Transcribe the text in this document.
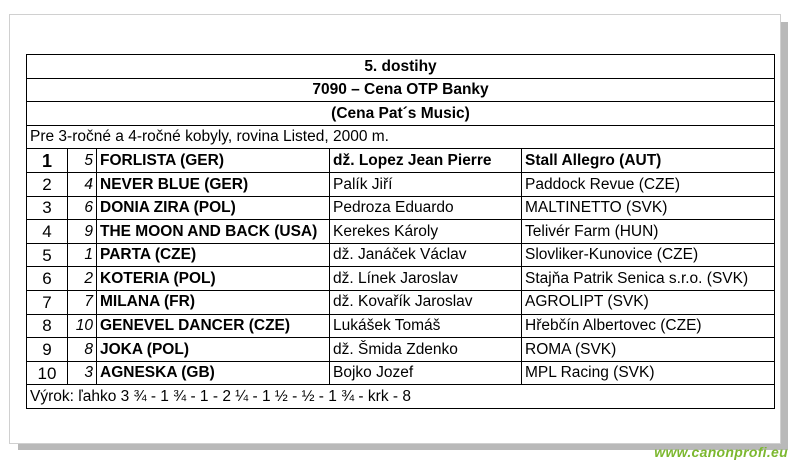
5. dostihy				
7090 – Cena OTP Banky				
(Cena Pat´s Music)				
Pre 3-ročné a 4-ročné kobyly, rovina Listed, 2000 m.				
1	5	FORLISTA (GER)	dž. Lopez Jean Pierre	Stall Allegro (AUT)
2	4	NEVER BLUE (GER)	Palík Jiří	Paddock Revue (CZE)
3	6	DONIA ZIRA (POL)	Pedroza Eduardo	MALTINETTO (SVK)
4	9	THE MOON AND BACK (USA)	Kerekes Károly	Telivér Farm (HUN)
5	1	PARTA (CZE)	dž. Janáček Václav	Slovliker-Kunovice (CZE)
6	2	KOTERIA (POL)	dž. Línek Jaroslav	Stajňa Patrik Senica s.r.o. (SVK)
7	7	MILANA (FR)	dž. Kovařík Jaroslav	AGROLIPT (SVK)
8	10	GENEVEL DANCER (CZE)	Lukášek Tomáš	Hřebčín Albertovec (CZE)
9	8	JOKA (POL)	dž. Šmida Zdenko	ROMA (SVK)
10	3	AGNESKA (GB)	Bojko Jozef	MPL Racing (SVK)
Výrok: ľahko 3 ¾ - 1 ¾ - 1 - 2 ¼ - 1 ½ - ½ - 1 ¾ - krk - 8				
www.canonprofi.eu
